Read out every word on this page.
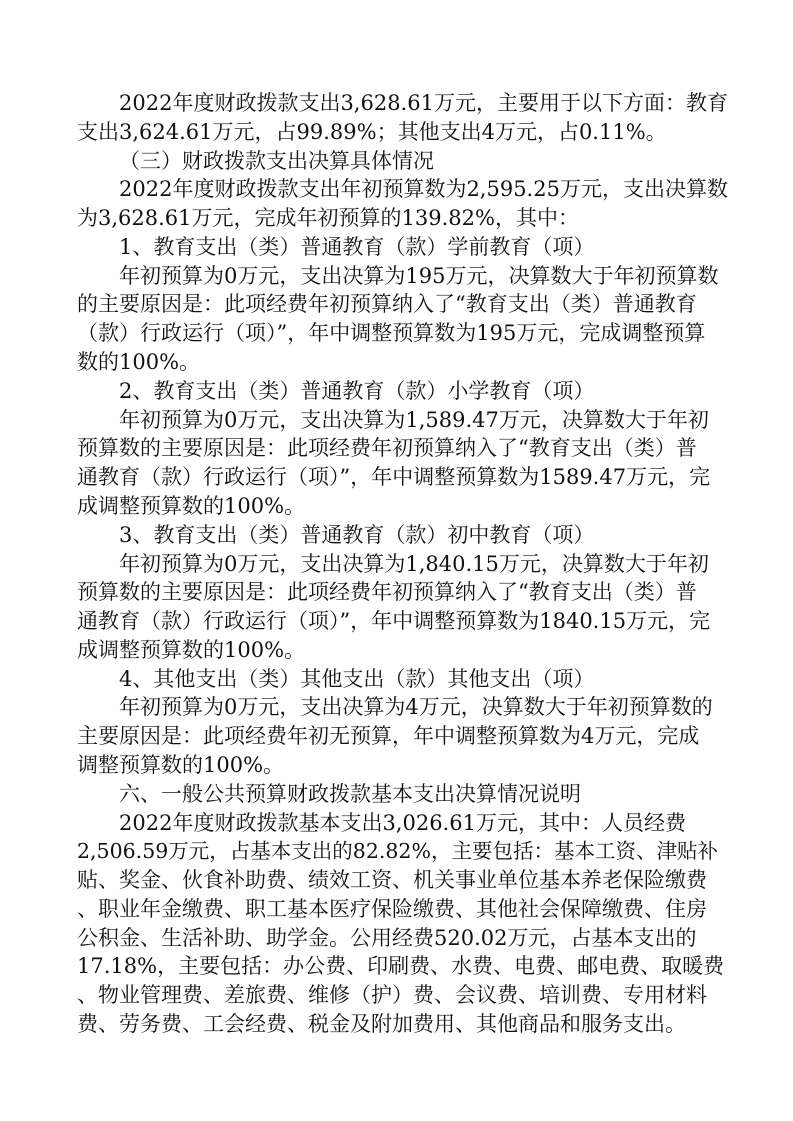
2022年度财政拨款支出3,628.61万元，主要用于以下方面：教育
支出3,624.61万元，占99.89%；其他支出4万元，占0.11%。
（三）财政拨款支出决算具体情况
2022年度财政拨款支出年初预算数为2,595.25万元，支出决算数
为3,628.61万元，完成年初预算的139.82%，其中：
1、教育支出（类）普通教育（款）学前教育（项）
年初预算为0万元，支出决算为195万元，决算数大于年初预算数
的主要原因是：此项经费年初预算纳入了“教育支出（类）普通教育
（款）行政运行（项）”，年中调整预算数为195万元，完成调整预算
数的100%。
2、教育支出（类）普通教育（款）小学教育（项）
年初预算为0万元，支出决算为1,589.47万元，决算数大于年初
预算数的主要原因是：此项经费年初预算纳入了“教育支出（类）普
通教育（款）行政运行（项）”，年中调整预算数为1589.47万元，完
成调整预算数的100%。
3、教育支出（类）普通教育（款）初中教育（项）
年初预算为0万元，支出决算为1,840.15万元，决算数大于年初
预算数的主要原因是：此项经费年初预算纳入了“教育支出（类）普
通教育（款）行政运行（项）”，年中调整预算数为1840.15万元，完
成调整预算数的100%。
4、其他支出（类）其他支出（款）其他支出（项）
年初预算为0万元，支出决算为4万元，决算数大于年初预算数的
主要原因是：此项经费年初无预算，年中调整预算数为4万元，完成
调整预算数的100%。
六、一般公共预算财政拨款基本支出决算情况说明
2022年度财政拨款基本支出3,026.61万元，其中：人员经费
2,506.59万元，占基本支出的82.82%，主要包括：基本工资、津贴补
贴、奖金、伙食补助费、绩效工资、机关事业单位基本养老保险缴费
、职业年金缴费、职工基本医疗保险缴费、其他社会保障缴费、住房
公积金、生活补助、助学金。公用经费520.02万元，占基本支出的
17.18%，主要包括：办公费、印刷费、水费、电费、邮电费、取暖费
、物业管理费、差旅费、维修（护）费、会议费、培训费、专用材料
费、劳务费、工会经费、税金及附加费用、其他商品和服务支出。
